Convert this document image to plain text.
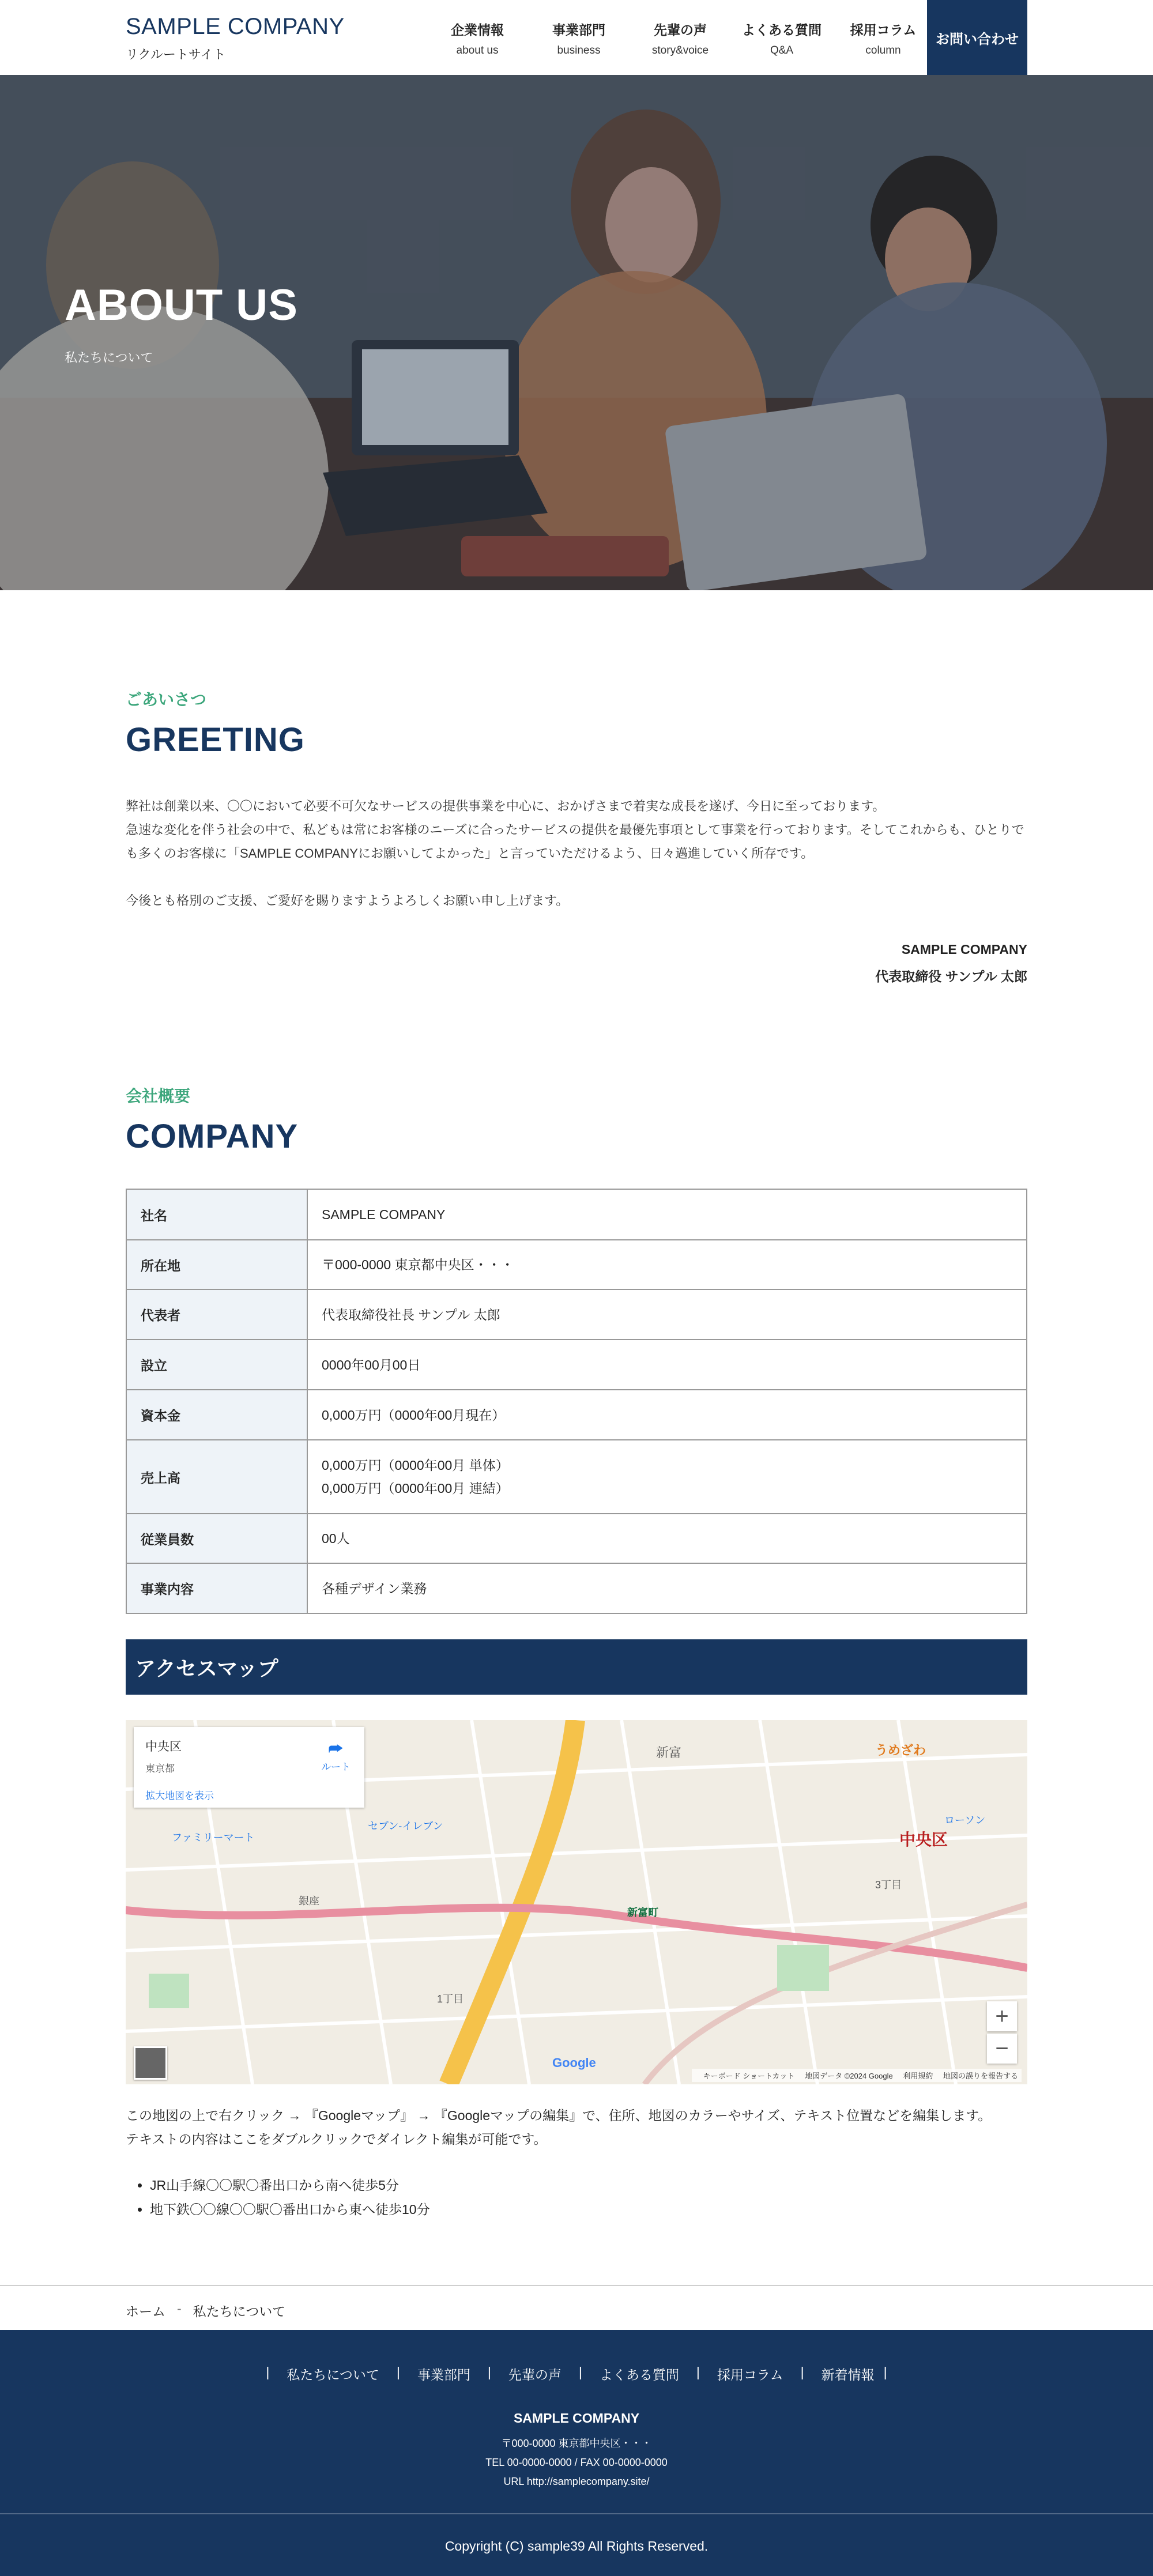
SAMPLE COMPANY
リクルートサイト
企業情報
about us
事業部門
business
先輩の声
story&voice
よくある質問
Q&A
採用コラム
column
お問い合わせ
ABOUT US
私たちについて
ごあいさつ
GREETING

弊社は創業以来、〇〇において必要不可欠なサービスの提供事業を中心に、おかげさまで着実な成長を遂げ、今日に至っております。
急速な変化を伴う社会の中で、私どもは常にお客様のニーズに合ったサービスの提供を最優先事項として事業を行っております。そしてこれからも、ひとりでも多くのお客様に「SAMPLE COMPANYにお願いしてよかった」と言っていただけるよう、日々邁進していく所存です。

今後とも格別のご支援、ご愛好を賜りますようよろしくお願い申し上げます。

SAMPLE COMPANY
代表取締役 サンプル 太郎
会社概要
COMPANY
社名	SAMPLE COMPANY
所在地	〒000-0000 東京都中央区・・・
代表者	代表取締役社長 サンプル 太郎
設立	0000年00月00日
資本金	0,000万円（0000年00月現在）
売上高	0,000万円（0000年00月 単体）
0,000万円（0000年00月 連結）
従業員数	00人
事業内容	各種デザイン業務
アクセスマップ
新富
銀座
1丁目
3丁目
新富町
うめざわ
ファミリーマート
セブン-イレブン	ローソン
中央区
中央区
東京都
拡大地図を表示
⮫
ルート
+
−
Google
キーボード ショートカット 地図データ ©2024 Google 利用規約 地図の誤りを報告する
この地図の上で右クリック → 『Googleマップ』 → 『Googleマップの編集』で、住所、地図のカラーやサイズ、テキスト位置などを編集します。
テキストの内容はここをダブルクリックでダイレクト編集が可能です。
• JR山手線〇〇駅〇番出口から南へ徒歩5分
• 地下鉄〇〇線〇〇駅〇番出口から東へ徒歩10分
ホーム - 私たちについて
| 私たちについて | 事業部門 | 先輩の声 | よくある質問 | 採用コラム | 新着情報 |
SAMPLE COMPANY
〒000-0000 東京都中央区・・・
TEL 00-0000-0000 / FAX 00-0000-0000
URL http://samplecompany.site/
Copyright (C) sample39 All Rights Reserved.
